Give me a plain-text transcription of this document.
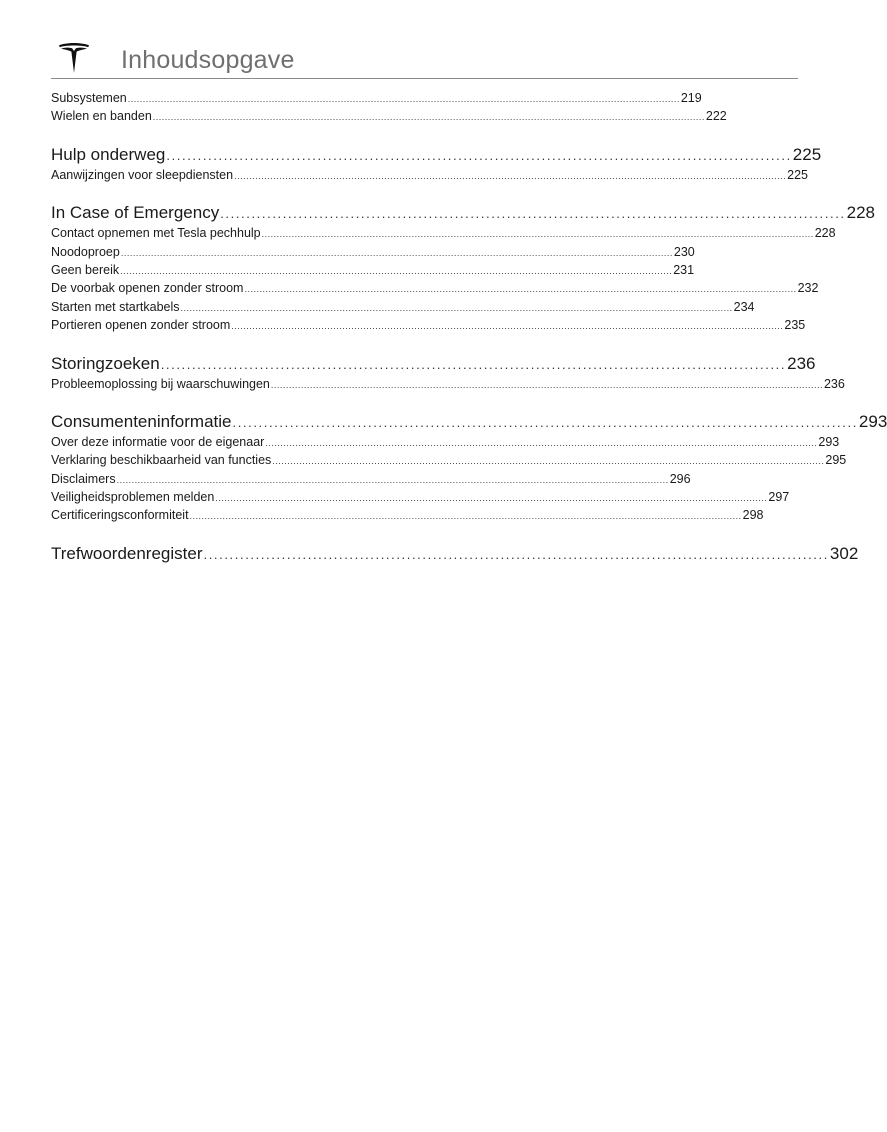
Inhoudsopgave
Subsystemen ........................................................................................................................................................................................ 219
Wielen en banden ........................................................................................................................................................................................ 222
Hulp onderweg ........................................................................................................................ 225
Aanwijzingen voor sleepdiensten ........................................................................................................................................................................................ 225
In Case of Emergency ........................................................................................................................ 228
Contact opnemen met Tesla pechhulp ........................................................................................................................................................................................ 228
Noodoproep ........................................................................................................................................................................................ 230
Geen bereik ........................................................................................................................................................................................ 231
De voorbak openen zonder stroom ........................................................................................................................................................................................ 232
Starten met startkabels ........................................................................................................................................................................................ 234
Portieren openen zonder stroom ........................................................................................................................................................................................ 235
Storingzoeken ........................................................................................................................ 236
Probleemoplossing bij waarschuwingen ........................................................................................................................................................................................ 236
Consumenteninformatie ........................................................................................................................ 293
Over deze informatie voor de eigenaar ........................................................................................................................................................................................ 293
Verklaring beschikbaarheid van functies ........................................................................................................................................................................................ 295
Disclaimers ........................................................................................................................................................................................ 296
Veiligheidsproblemen melden ........................................................................................................................................................................................ 297
Certificeringsconformiteit ........................................................................................................................................................................................ 298
Trefwoordenregister ........................................................................................................................ 302
